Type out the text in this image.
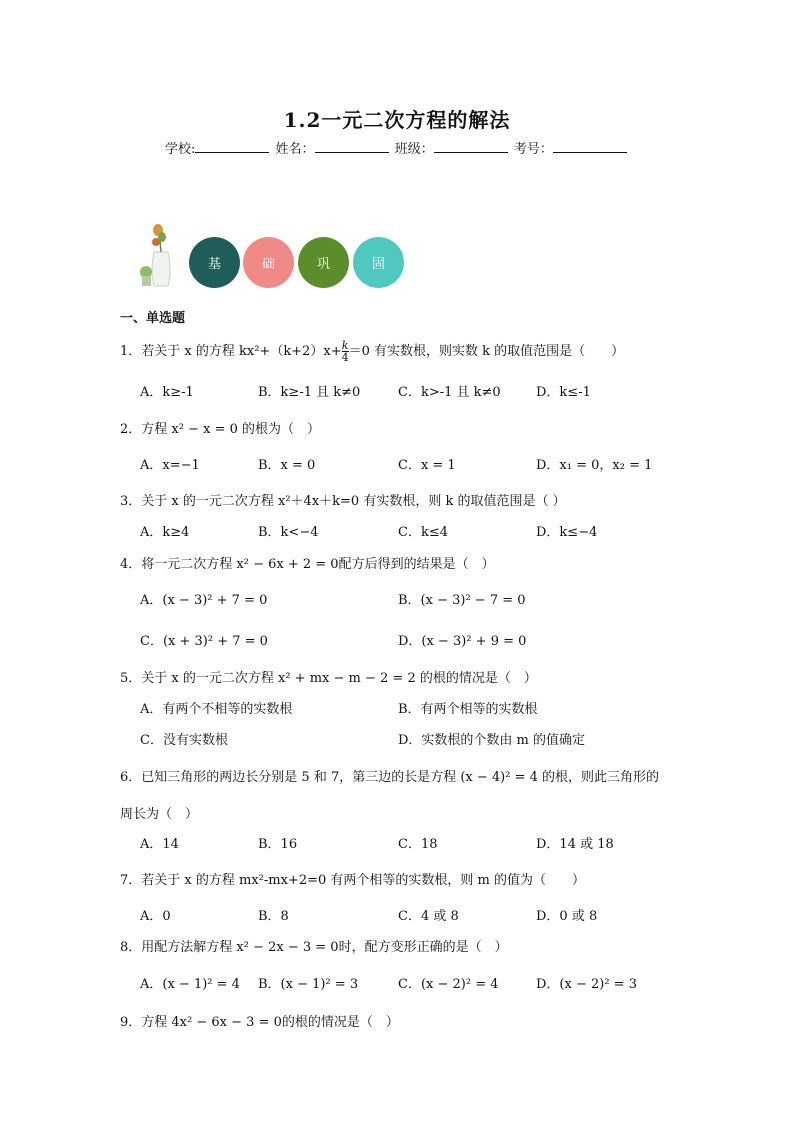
1.2一元二次方程的解法
学校:	姓名：	班级：	考号：
基	础	巩	固
一、单选题
1．若关于 x 的方程 $kx^2+(k+2)x+ \frac{k}{4} =0$ 有实数根，则实数 k 的取值范围是（　　）
A．k≥-1	B．k≥-1 且 k≠0	C．k>-1 且 k≠0	D．k≤-1
2．方程 x² − x = 0 的根为（　）
A．x=−1	B．x = 0	C．x = 1	D．x₁ = 0，x₂ = 1
3．关于 x 的一元二次方程 x²＋4x＋k=0 有实数根，则 k 的取值范围是（ ）
A．k≥4	B．k<−4	C．k≤4	D．k≤−4
4．将一元二次方程 x² − 6x + 2 = 0配方后得到的结果是（　）
A．(x − 3)² + 7 = 0	B．(x − 3)² − 7 = 0
C．(x + 3)² + 7 = 0	D．(x − 3)² + 9 = 0
5．关于 x 的一元二次方程 x² + mx − m − 2 = 2 的根的情况是（　）
A．有两个不相等的实数根	B．有两个相等的实数根
C．没有实数根	D．实数根的个数由 m 的值确定
6．已知三角形的两边长分别是 5 和 7，第三边的长是方程 (x − 4)² = 4 的根，则此三角形的
周长为（　）
A．14	B．16	C．18	D．14 或 18
7．若关于 x 的方程 mx²-mx+2=0 有两个相等的实数根，则 m 的值为（　　）
A．0	B．8	C．4 或 8	D．0 或 8
8．用配方法解方程 x² − 2x − 3 = 0时，配方变形正确的是（　）
A．(x − 1)² = 4 B．(x − 1)² = 3	C．(x − 2)² = 4	D．(x − 2)² = 3
9．方程 4x² − 6x − 3 = 0的根的情况是（　）
